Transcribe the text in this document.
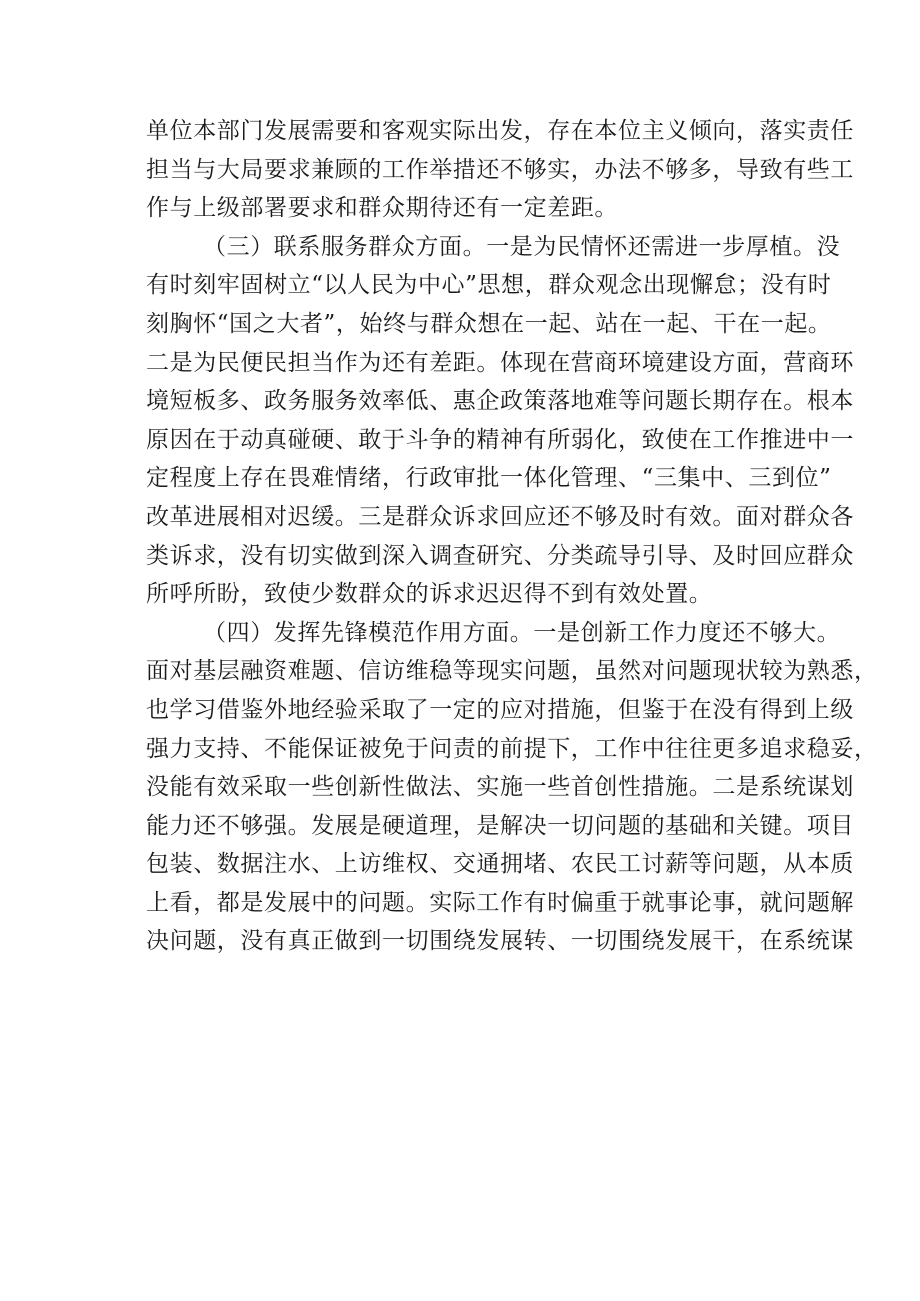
单位本部门发展需要和客观实际出发，存在本位主义倾向，落实责任
担当与大局要求兼顾的工作举措还不够实，办法不够多，导致有些工
作与上级部署要求和群众期待还有一定差距。
（三）联系服务群众方面。一是为民情怀还需进一步厚植。没
有时刻牢固树立“以人民为中心”思想，群众观念出现懈怠；没有时
刻胸怀“国之大者”，始终与群众想在一起、站在一起、干在一起。
二是为民便民担当作为还有差距。体现在营商环境建设方面，营商环
境短板多、政务服务效率低、惠企政策落地难等问题长期存在。根本
原因在于动真碰硬、敢于斗争的精神有所弱化，致使在工作推进中一
定程度上存在畏难情绪，行政审批一体化管理、“三集中、三到位”
改革进展相对迟缓。三是群众诉求回应还不够及时有效。面对群众各
类诉求，没有切实做到深入调查研究、分类疏导引导、及时回应群众
所呼所盼，致使少数群众的诉求迟迟得不到有效处置。
（四）发挥先锋模范作用方面。一是创新工作力度还不够大。
面对基层融资难题、信访维稳等现实问题，虽然对问题现状较为熟悉，
也学习借鉴外地经验采取了一定的应对措施，但鉴于在没有得到上级
强力支持、不能保证被免于问责的前提下，工作中往往更多追求稳妥，
没能有效采取一些创新性做法、实施一些首创性措施。二是系统谋划
能力还不够强。发展是硬道理，是解决一切问题的基础和关键。项目
包装、数据注水、上访维权、交通拥堵、农民工讨薪等问题，从本质
上看，都是发展中的问题。实际工作有时偏重于就事论事，就问题解
决问题，没有真正做到一切围绕发展转、一切围绕发展干，在系统谋
